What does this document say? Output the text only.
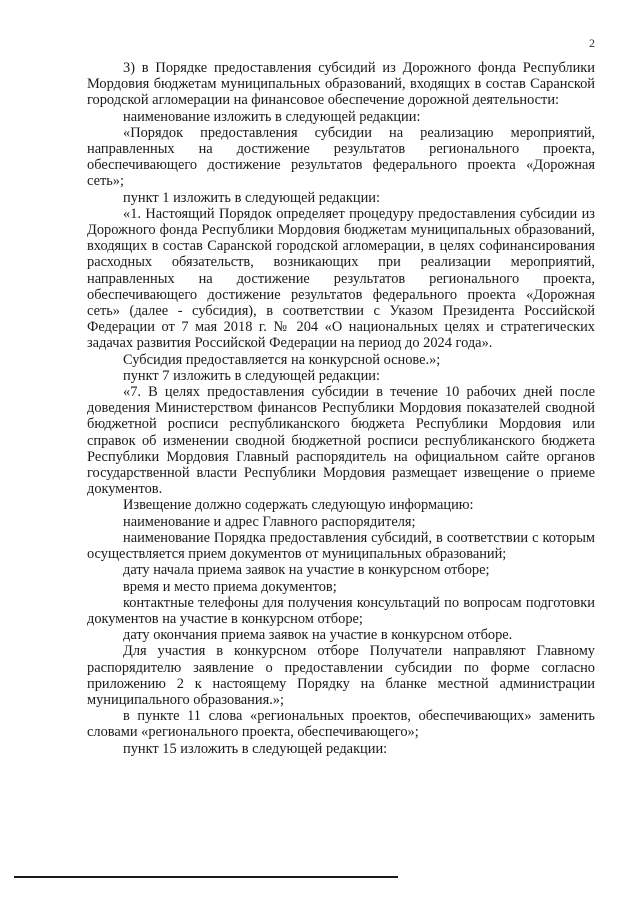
2

3) в Порядке предоставления субсидий из Дорожного фонда Республики Мордовия бюджетам муниципальных образований, входящих в состав Саранской городской агломерации на финансовое обеспечение дорожной деятельности:

наименование изложить в следующей редакции:

«Порядок предоставления субсидии на реализацию мероприятий, направленных на достижение результатов регионального проекта, обеспечивающего достижение результатов федерального проекта «Дорожная сеть»;

пункт 1 изложить в следующей редакции:

«1. Настоящий Порядок определяет процедуру предоставления субсидии из Дорожного фонда Республики Мордовия бюджетам муниципальных образований, входящих в состав Саранской городской агломерации, в целях софинансирования расходных обязательств, возникающих при реализации мероприятий, направленных на достижение результатов регионального проекта, обеспечивающего достижение результатов федерального проекта «Дорожная сеть» (далее - субсидия), в соответствии с Указом Президента Российской Федерации от 7 мая 2018 г. № 204 «О национальных целях и стратегических задачах развития Российской Федерации на период до 2024 года».

Субсидия предоставляется на конкурсной основе.»;

пункт 7 изложить в следующей редакции:

«7. В целях предоставления субсидии в течение 10 рабочих дней после доведения Министерством финансов Республики Мордовия показателей сводной бюджетной росписи республиканского бюджета Республики Мордовия или справок об изменении сводной бюджетной росписи республиканского бюджета Республики Мордовия Главный распорядитель на официальном сайте органов государственной власти Республики Мордовия размещает извещение о приеме документов.

Извещение должно содержать следующую информацию:

наименование и адрес Главного распорядителя;

наименование Порядка предоставления субсидий, в соответствии с которым осуществляется прием документов от муниципальных образований;

дату начала приема заявок на участие в конкурсном отборе;

время и место приема документов;

контактные телефоны для получения консультаций по вопросам подготовки документов на участие в конкурсном отборе;

дату окончания приема заявок на участие в конкурсном отборе.

Для участия в конкурсном отборе Получатели направляют Главному распорядителю заявление о предоставлении субсидии по форме согласно приложению 2 к настоящему Порядку на бланке местной администрации муниципального образования.»;

в пункте 11 слова «региональных проектов, обеспечивающих» заменить словами «регионального проекта, обеспечивающего»;

пункт 15 изложить в следующей редакции:
